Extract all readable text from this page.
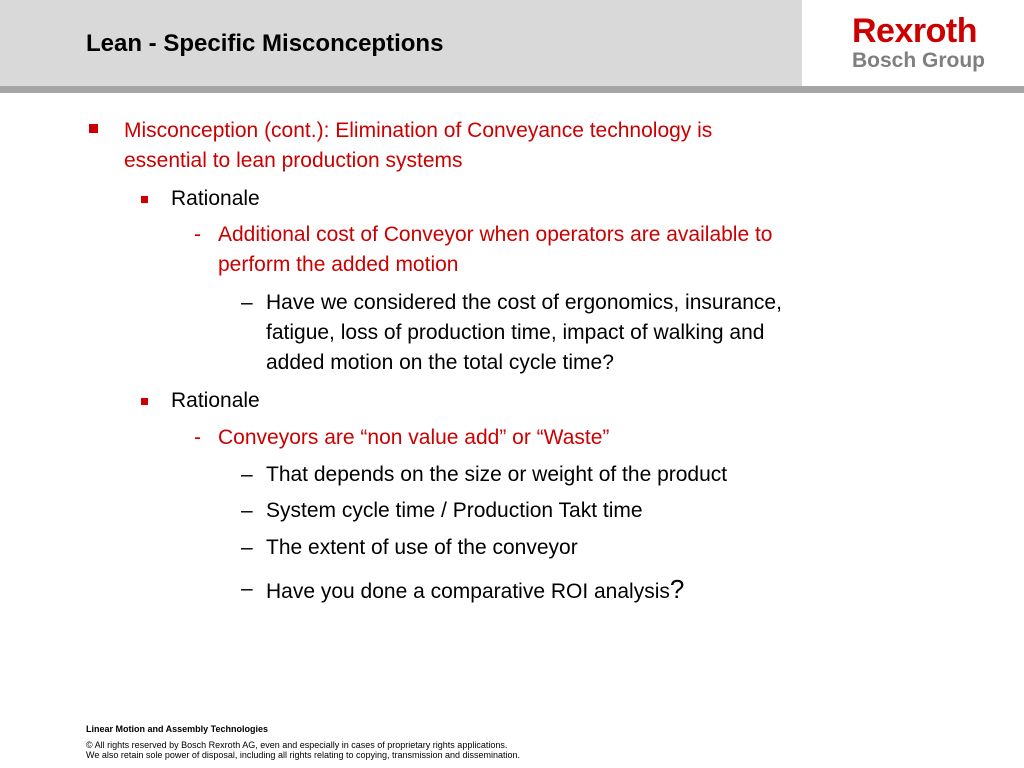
Lean - Specific Misconceptions	Rexroth
Bosch Group
Misconception (cont.): Elimination of Conveyance technology is
essential to lean production systems
Rationale
- Additional cost of Conveyor when operators are available to
perform the added motion
– Have we considered the cost of ergonomics, insurance,
fatigue, loss of production time, impact of walking and
added motion on the total cycle time?
Rationale
- Conveyors are “non value add” or “Waste”
– That depends on the size or weight of the product
– System cycle time / Production Takt time
– The extent of use of the conveyor
– Have you done a comparative ROI analysis?
Linear Motion and Assembly Technologies
© All rights reserved by Bosch Rexroth AG, even and especially in cases of proprietary rights applications.
We also retain sole power of disposal, including all rights relating to copying, transmission and dissemination.
